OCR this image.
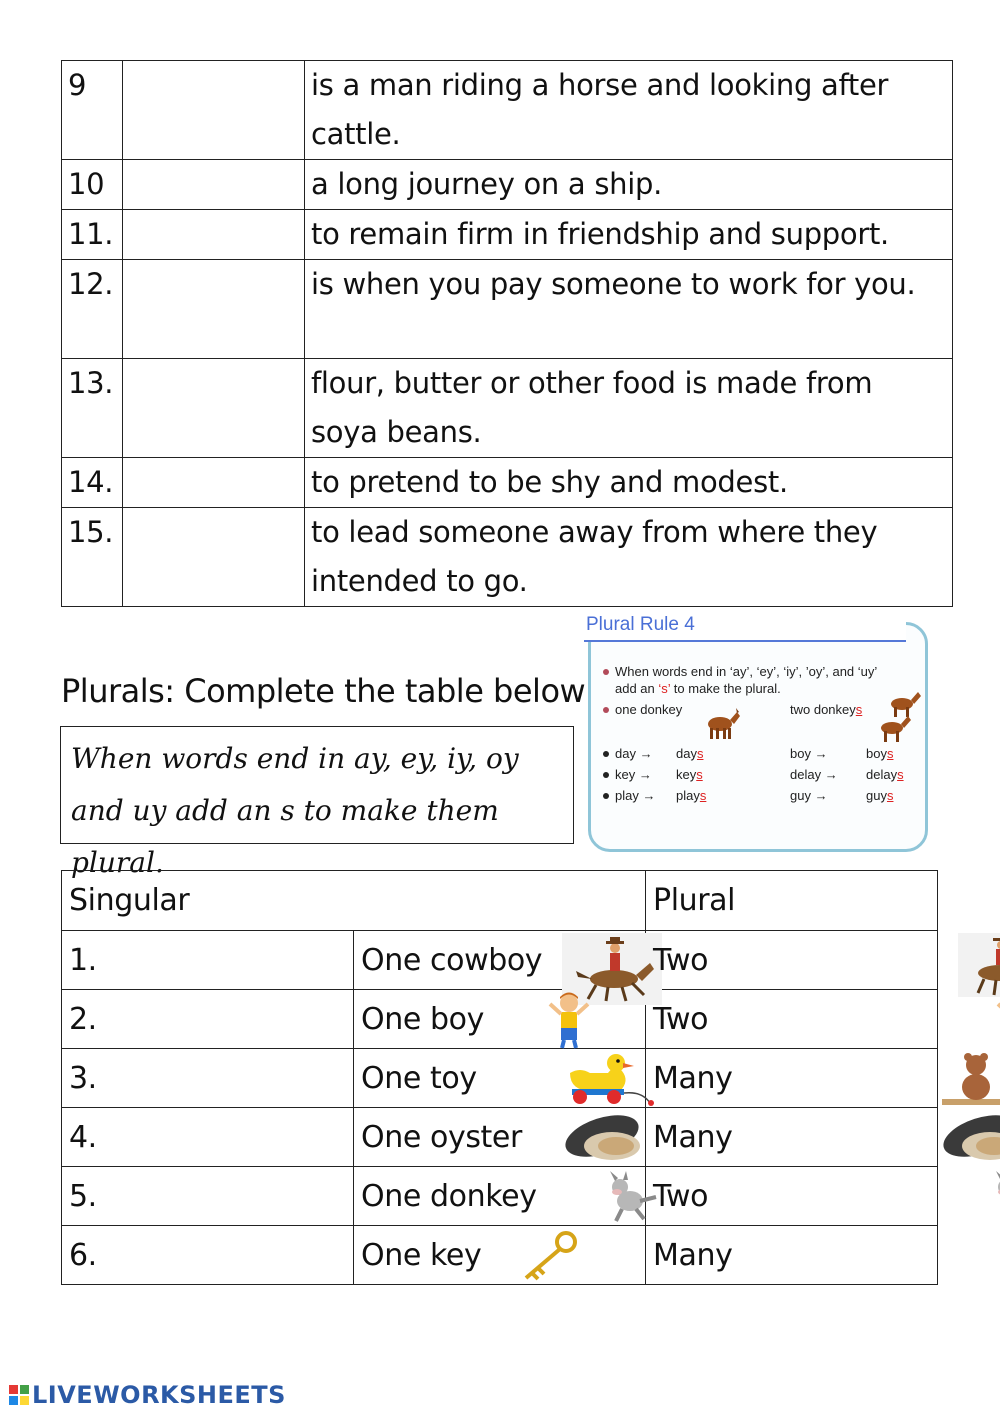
9		is a man riding a horse and looking after cattle.
10		a long journey on a ship.
11.		to remain firm in friendship and support.
12.		is when you pay someone to work for you.
13.		flour, butter or other food is made from soya beans.
14.		to pretend to be shy and modest.
15.		to lead someone away from where they intended to go.
Plurals: Complete the table below
When words end in ay, ey, iy, oy and uy add an s to make them plural.
Plural Rule 4
When words end in ‘ay’, ‘ey’, ‘iy’, ’oy’, and ‘uy’
add an ‘s’ to make the plural.
one donkey	two donkeys
day → days	boy →	boys
key → keys	delay → delays
play → plays	guy →	guys
Singular		Plural
1.	One cowboy	Two

2.	One boy	Two

3.	One toy	Many

4.	One oyster	Many

5.	One donkey	Two

6.	One key	Many
LIVEWORKSHEETS
